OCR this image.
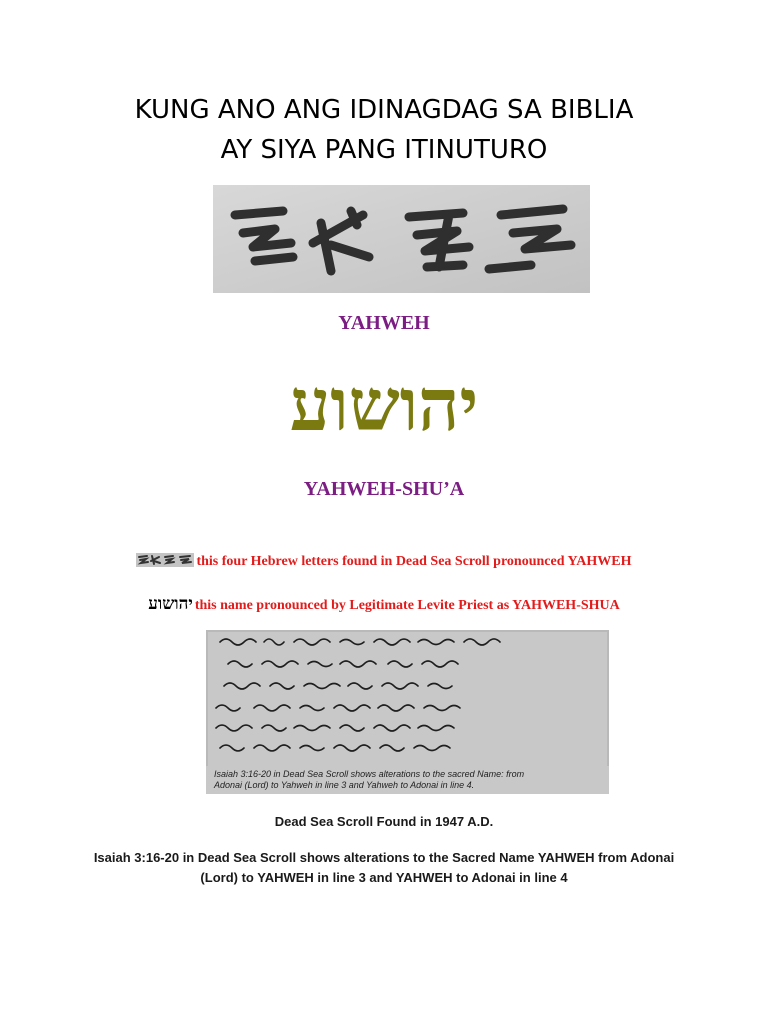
KUNG ANO ANG IDINAGDAG SA BIBLIA
AY SIYA PANG ITINUTURO
YAHWEH
יהושוע
YAHWEH-SHU’A
this four Hebrew letters found in Dead Sea Scroll pronounced YAHWEH
יהושוע this name pronounced by Legitimate Levite Priest as YAHWEH-SHUA
Isaiah 3:16-20 in Dead Sea Scroll shows alterations to the sacred Name: from
Adonai (Lord) to Yahweh in line 3 and Yahweh to Adonai in line 4.
Dead Sea Scroll Found in 1947 A.D.
Isaiah 3:16-20 in Dead Sea Scroll shows alterations to the Sacred Name YAHWEH from Adonai
(Lord) to YAHWEH in line 3 and YAHWEH to Adonai in line 4
